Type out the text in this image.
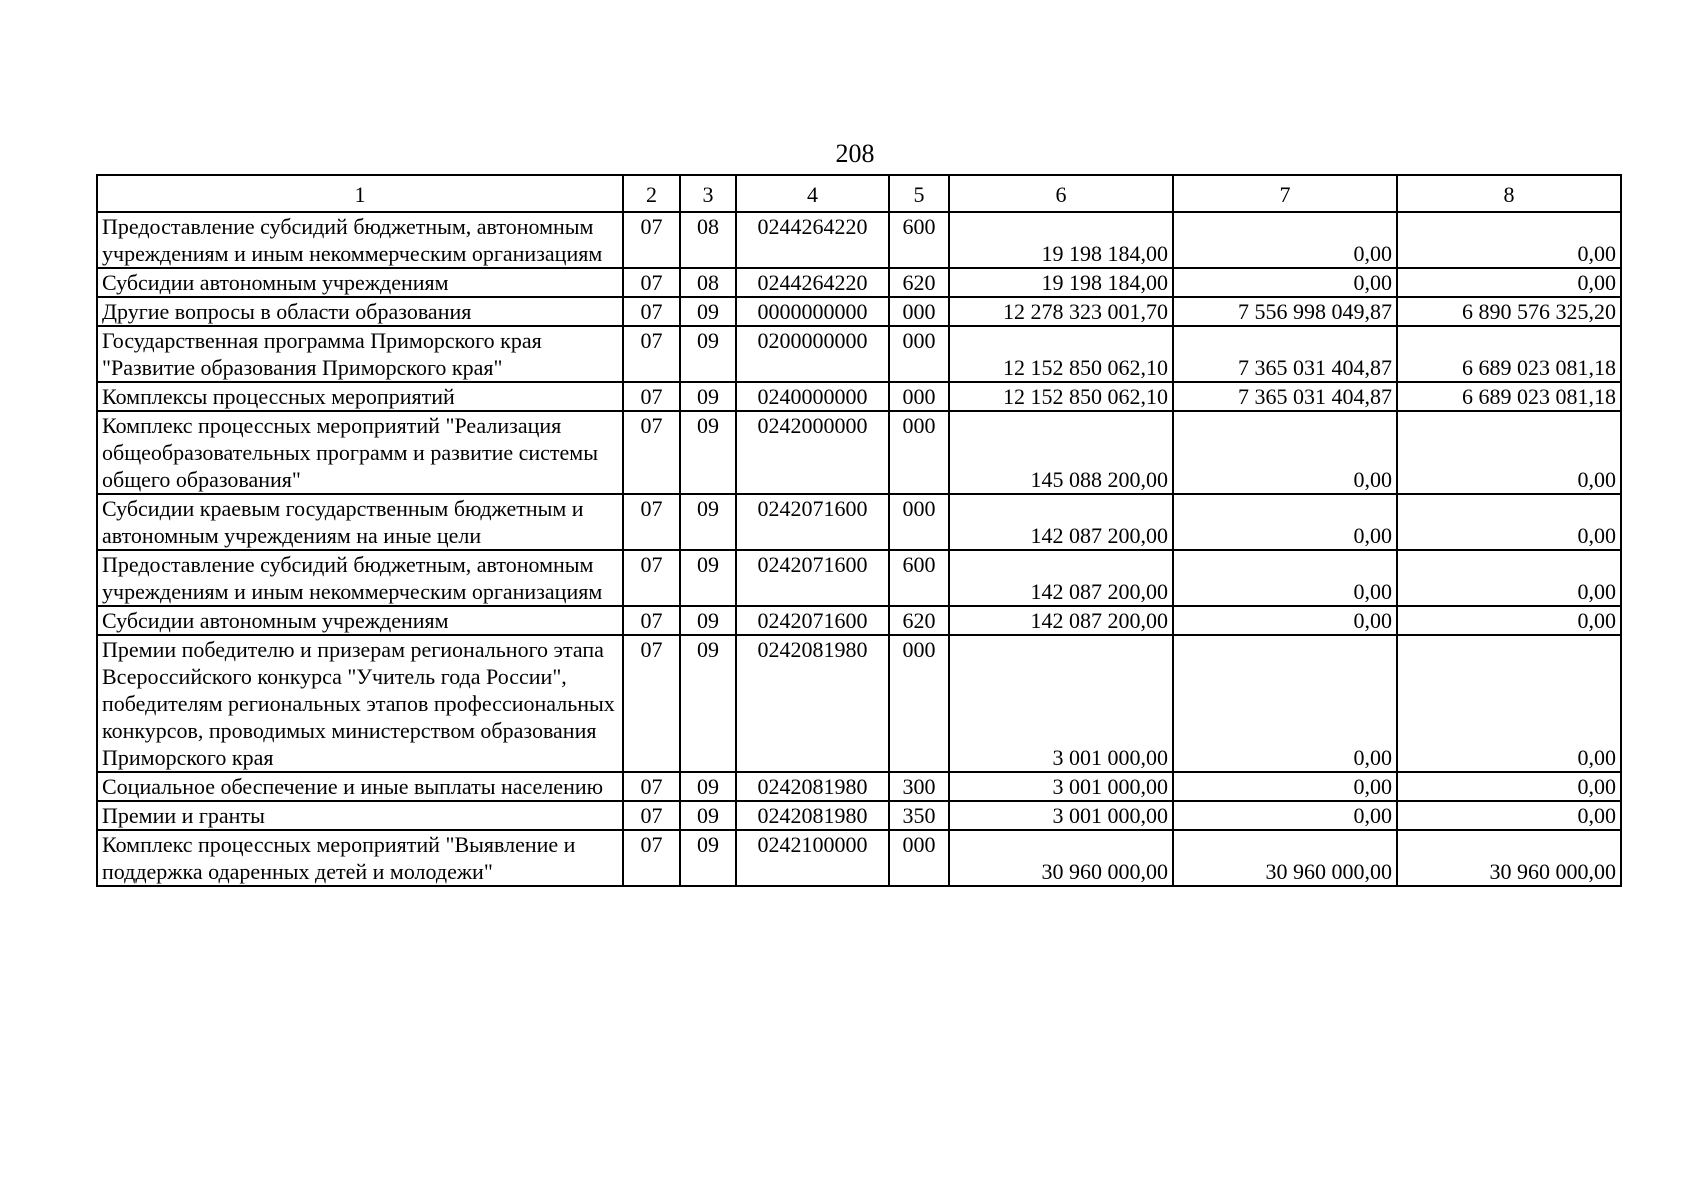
208
1	2	3	4	5	6	7	8
Предоставление субсидий бюджетным, автономным учреждениям и иным некоммерческим организациям	07	08	0244264220	600	19 198 184,00	0,00	0,00
Субсидии автономным учреждениям	07	08	0244264220	620	19 198 184,00	0,00	0,00
Другие вопросы в области образования	07	09	0000000000	000	12 278 323 001,70	7 556 998 049,87	6 890 576 325,20
Государственная программа Приморского края "Развитие образования Приморского края"	07	09	0200000000	000	12 152 850 062,10	7 365 031 404,87	6 689 023 081,18
Комплексы процессных мероприятий	07	09	0240000000	000	12 152 850 062,10	7 365 031 404,87	6 689 023 081,18
Комплекс процессных мероприятий "Реализация общеобразовательных программ и развитие системы общего образования"	07	09	0242000000	000	145 088 200,00	0,00	0,00
Субсидии краевым государственным бюджетным и автономным учреждениям на иные цели	07	09	0242071600	000	142 087 200,00	0,00	0,00
Предоставление субсидий бюджетным, автономным учреждениям и иным некоммерческим организациям	07	09	0242071600	600	142 087 200,00	0,00	0,00
Субсидии автономным учреждениям	07	09	0242071600	620	142 087 200,00	0,00	0,00
Премии победителю и призерам регионального этапа Всероссийского конкурса "Учитель года России", победителям региональных этапов профессиональных конкурсов, проводимых министерством образования Приморского края	07	09	0242081980	000	3 001 000,00	0,00	0,00
Социальное обеспечение и иные выплаты населению	07	09	0242081980	300	3 001 000,00	0,00	0,00
Премии и гранты	07	09	0242081980	350	3 001 000,00	0,00	0,00
Комплекс процессных мероприятий "Выявление и поддержка одаренных детей и молодежи"	07	09	0242100000	000	30 960 000,00	30 960 000,00	30 960 000,00
